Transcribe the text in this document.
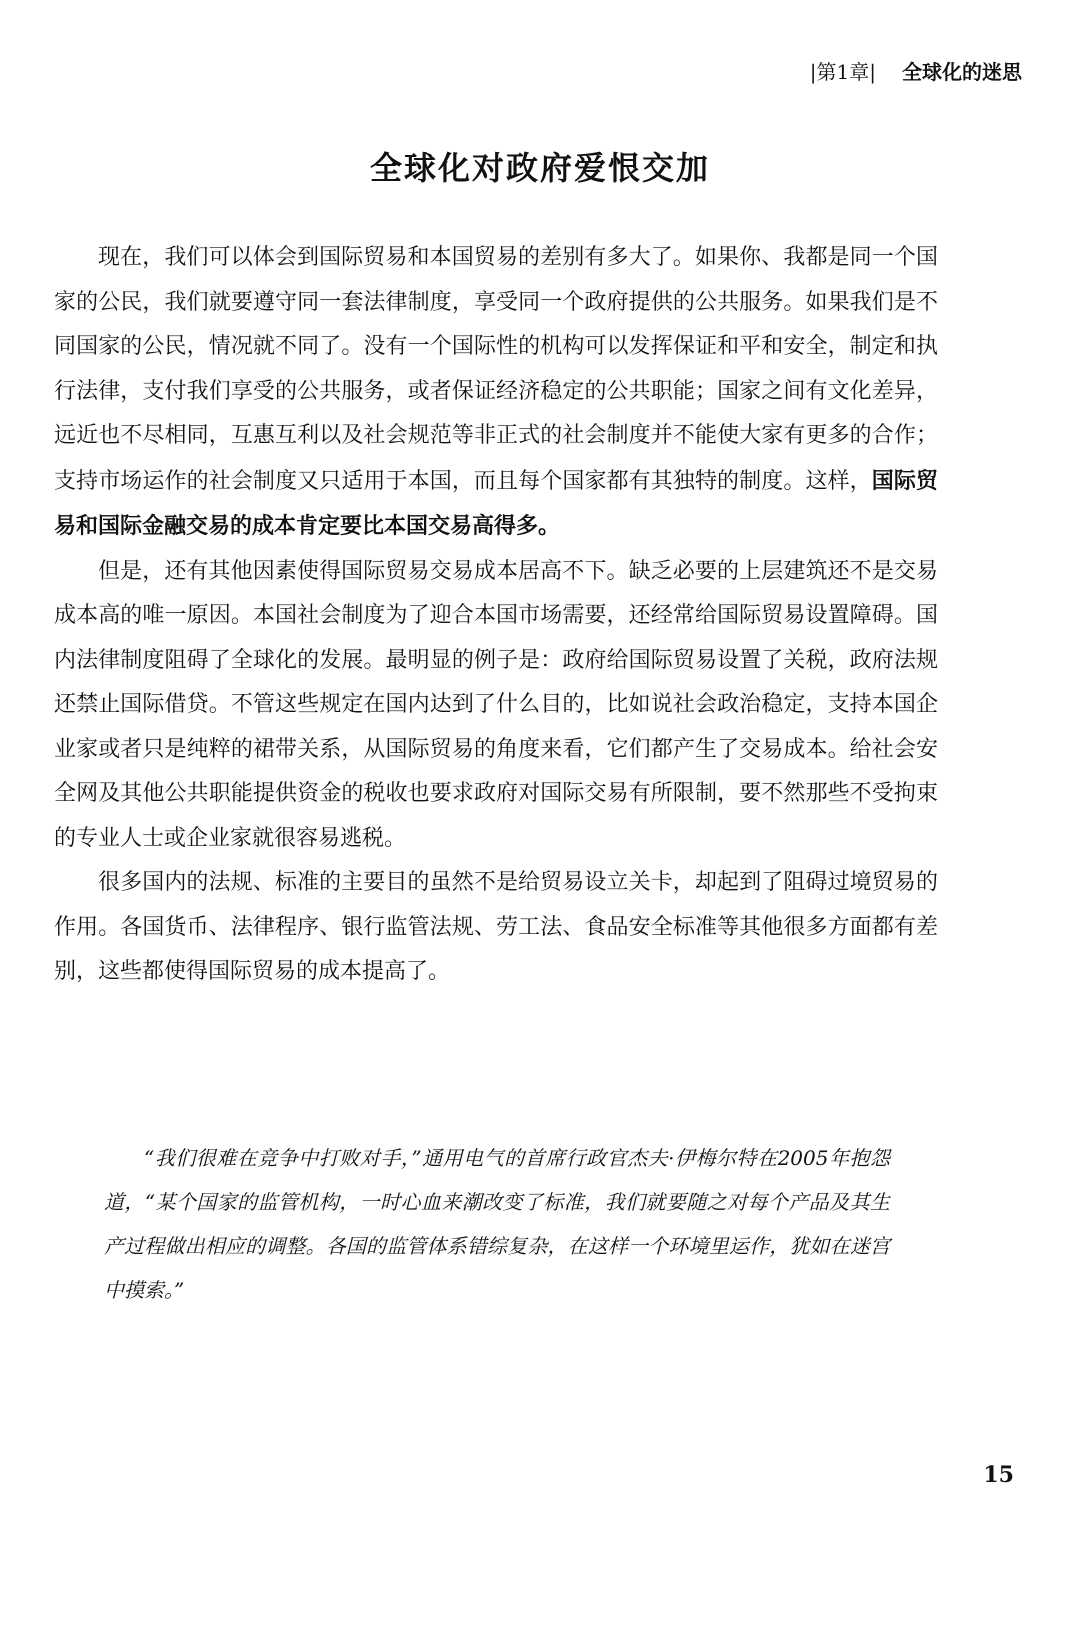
|第1章| 全球化的迷思
全球化对政府爱恨交加

现在，我们可以体会到国际贸易和本国贸易的差别有多大了。如果你、我都是同一个国家的公民，我们就要遵守同一套法律制度，享受同一个政府提供的公共服务。如果我们是不同国家的公民，情况就不同了。没有一个国际性的机构可以发挥保证和平和安全，制定和执行法律，支付我们享受的公共服务，或者保证经济稳定的公共职能；国家之间有文化差异，远近也不尽相同，互惠互利以及社会规范等非正式的社会制度并不能使大家有更多的合作；支持市场运作的社会制度又只适用于本国，而且每个国家都有其独特的制度。这样，国际贸易和国际金融交易的成本肯定要比本国交易高得多。

但是，还有其他因素使得国际贸易交易成本居高不下。缺乏必要的上层建筑还不是交易成本高的唯一原因。本国社会制度为了迎合本国市场需要，还经常给国际贸易设置障碍。国内法律制度阻碍了全球化的发展。最明显的例子是：政府给国际贸易设置了关税，政府法规还禁止国际借贷。不管这些规定在国内达到了什么目的，比如说社会政治稳定，支持本国企业家或者只是纯粹的裙带关系，从国际贸易的角度来看，它们都产生了交易成本。给社会安全网及其他公共职能提供资金的税收也要求政府对国际交易有所限制，要不然那些不受拘束的专业人士或企业家就很容易逃税。

很多国内的法规、标准的主要目的虽然不是给贸易设立关卡，却起到了阻碍过境贸易的作用。各国货币、法律程序、银行监管法规、劳工法、食品安全标准等其他很多方面都有差别，这些都使得国际贸易的成本提高了。

“我们很难在竞争中打败对手，”通用电气的首席行政官杰夫·伊梅尔特在2005年抱怨道，“某个国家的监管机构，一时心血来潮改变了标准，我们就要随之对每个产品及其生产过程做出相应的调整。各国的监管体系错综复杂，在这样一个环境里运作，犹如在迷宫中摸索。”
15
